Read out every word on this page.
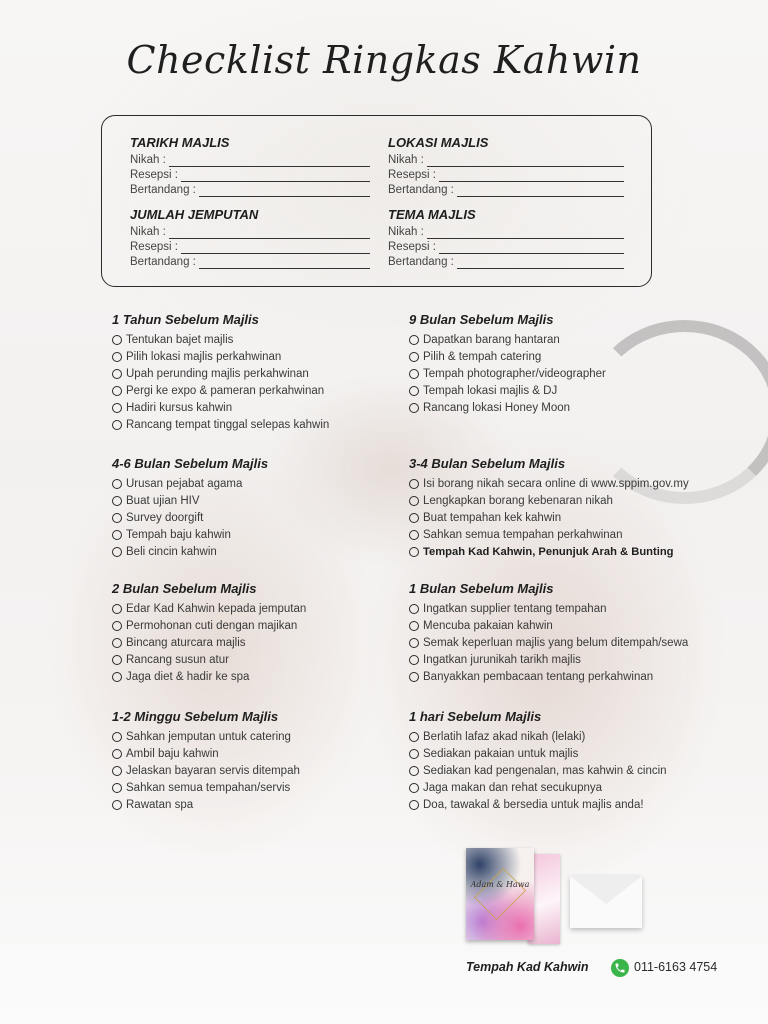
Checklist Ringkas Kahwin
TARIKH MAJLIS
Nikah :
Resepsi :
Bertandang :
LOKASI MAJLIS
Nikah :
Resepsi :
Bertandang :
JUMLAH JEMPUTAN
Nikah :
Resepsi :
Bertandang :
TEMA MAJLIS
Nikah :
Resepsi :
Bertandang :
1 Tahun Sebelum Majlis
Tentukan bajet majlis
Pilih lokasi majlis perkahwinan
Upah perunding majlis perkahwinan
Pergi ke expo & pameran perkahwinan
Hadiri kursus kahwin
Rancang tempat tinggal selepas kahwin
9 Bulan Sebelum Majlis
Dapatkan barang hantaran
Pilih & tempah catering
Tempah photographer/videographer
Tempah lokasi majlis & DJ
Rancang lokasi Honey Moon
4-6 Bulan Sebelum Majlis
Urusan pejabat agama
Buat ujian HIV
Survey doorgift
Tempah baju kahwin
Beli cincin kahwin
3-4 Bulan Sebelum Majlis
Isi borang nikah secara online di www.sppim.gov.my
Lengkapkan borang kebenaran nikah
Buat tempahan kek kahwin
Sahkan semua tempahan perkahwinan
Tempah Kad Kahwin, Penunjuk Arah & Bunting
2 Bulan Sebelum Majlis
Edar Kad Kahwin kepada jemputan
Permohonan cuti dengan majikan
Bincang aturcara majlis
Rancang susun atur
Jaga diet & hadir ke spa
1 Bulan Sebelum Majlis
Ingatkan supplier tentang tempahan
Mencuba pakaian kahwin
Semak keperluan majlis yang belum ditempah/sewa
Ingatkan jurunikah tarikh majlis
Banyakkan pembacaan tentang perkahwinan
1-2 Minggu Sebelum Majlis
Sahkan jemputan untuk catering
Ambil baju kahwin
Jelaskan bayaran servis ditempah
Sahkan semua tempahan/servis
Rawatan spa
1 hari Sebelum Majlis
Berlatih lafaz akad nikah (lelaki)
Sediakan pakaian untuk majlis
Sediakan kad pengenalan, mas kahwin & cincin
Jaga makan dan rehat secukupnya
Doa, tawakal & bersedia untuk majlis anda!
Adam & Hawa
Tempah Kad Kahwin	011-6163 4754
